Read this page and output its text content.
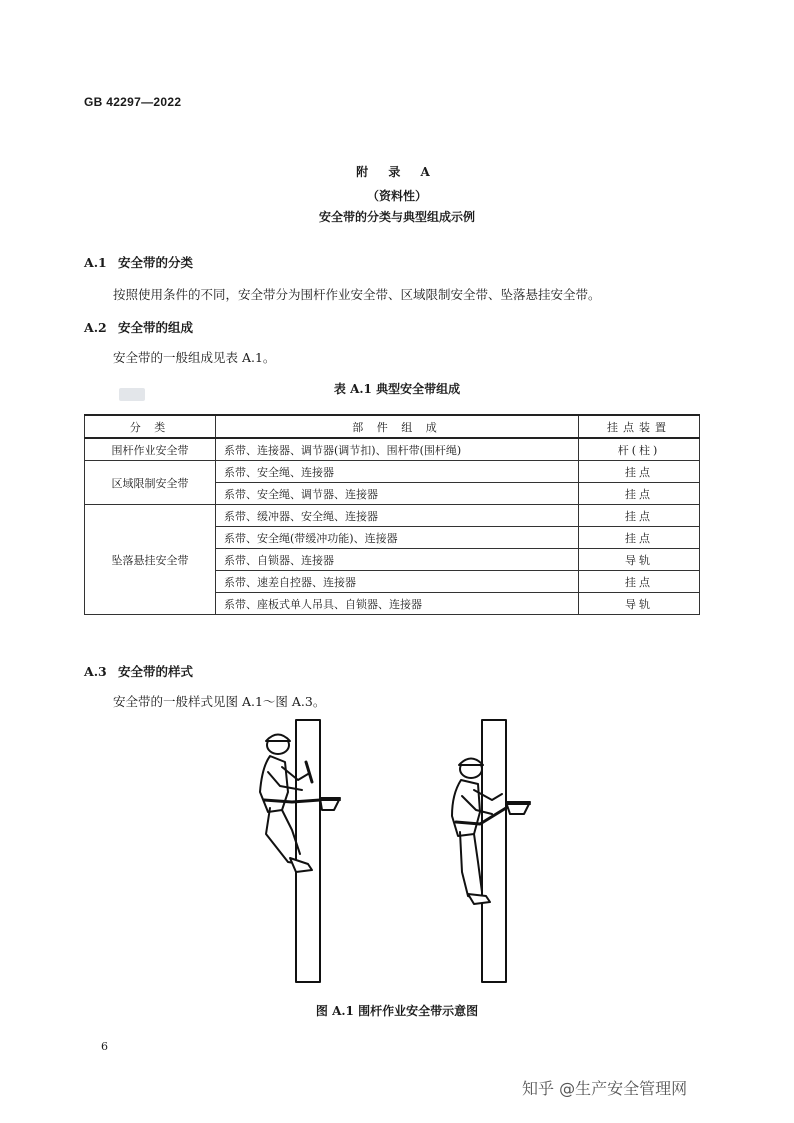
GB 42297—2022
附 录 A
（资料性）
安全带的分类与典型组成示例
A.1 安全带的分类
按照使用条件的不同，安全带分为围杆作业安全带、区域限制安全带、坠落悬挂安全带。
A.2 安全带的组成
安全带的一般组成见表 A.1。
表 A.1 典型安全带组成
分 类	部 件 组 成	挂点装置
围杆作业安全带	系带、连接器、调节器(调节扣)、围杆带(围杆绳)	杆(柱)
区域限制安全带	系带、安全绳、连接器	挂点
	系带、安全绳、调节器、连接器	挂点
坠落悬挂安全带	系带、缓冲器、安全绳、连接器	挂点
	系带、安全绳(带缓冲功能)、连接器	挂点
	系带、自锁器、连接器	导轨
	系带、速差自控器、连接器	挂点
	系带、座板式单人吊具、自锁器、连接器	导轨
A.3 安全带的样式
安全带的一般样式见图 A.1～图 A.3。
图 A.1 围杆作业安全带示意图
6
知乎 @生产安全管理网
